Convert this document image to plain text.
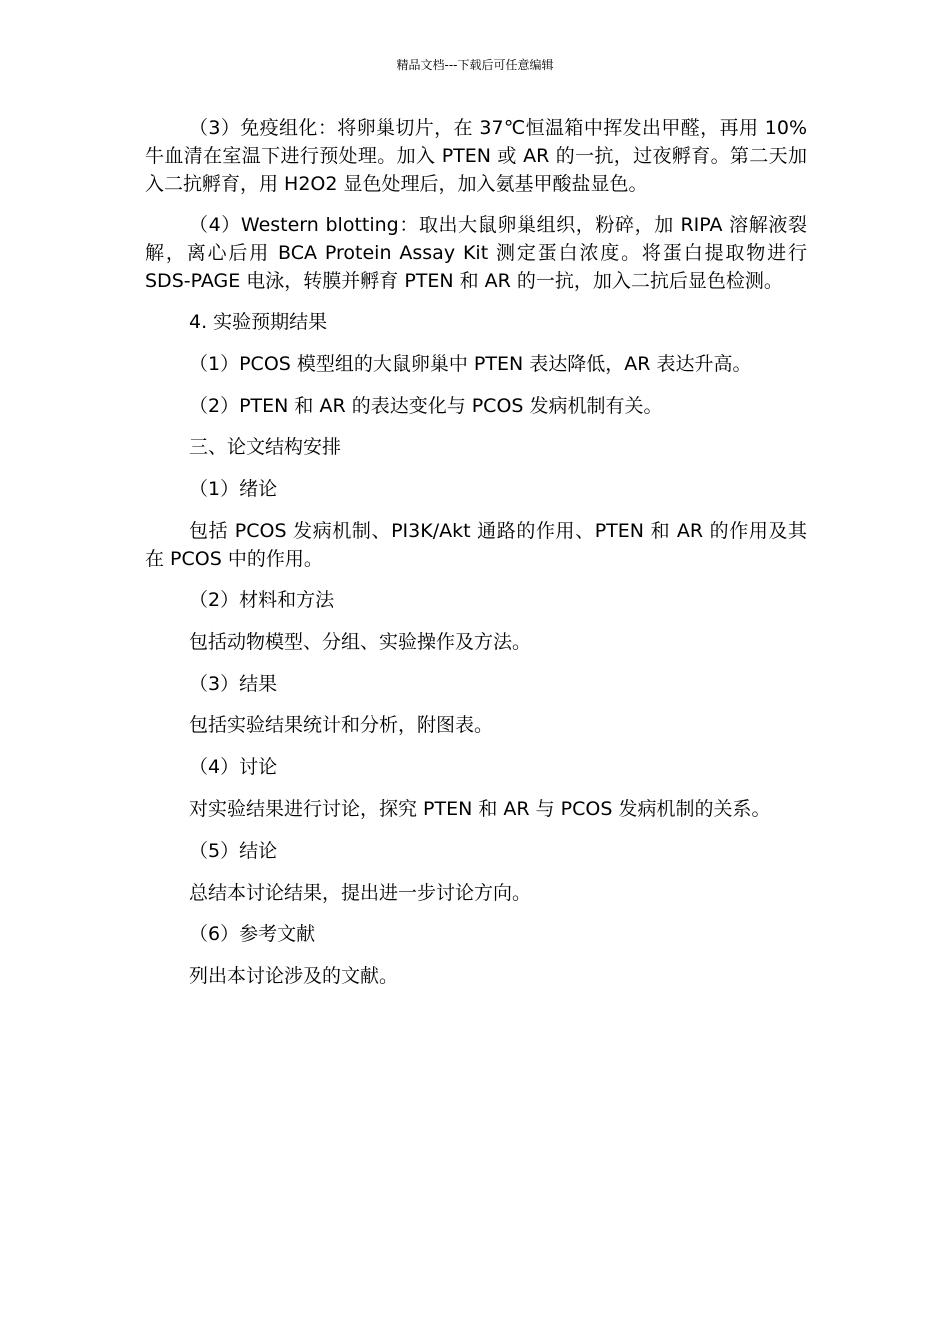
精品文档---下载后可任意编辑

（3）免疫组化：将卵巢切片，在 37℃恒温箱中挥发出甲醛，再用 10%牛血清在室温下进行预处理。加入 PTEN 或 AR 的一抗，过夜孵育。第二天加入二抗孵育，用 H2O2 显色处理后，加入氨基甲酸盐显色。

（4）Western blotting：取出大鼠卵巢组织，粉碎，加 RIPA 溶解液裂解，离心后用 BCA Protein Assay Kit 测定蛋白浓度。将蛋白提取物进行 SDS-PAGE 电泳，转膜并孵育 PTEN 和 AR 的一抗，加入二抗后显色检测。

4. 实验预期结果
（1）PCOS 模型组的大鼠卵巢中 PTEN 表达降低，AR 表达升高。
（2）PTEN 和 AR 的表达变化与 PCOS 发病机制有关。
三、论文结构安排
（1）绪论

包括 PCOS 发病机制、PI3K/Akt 通路的作用、PTEN 和 AR 的作用及其在 PCOS 中的作用。

（2）材料和方法
包括动物模型、分组、实验操作及方法。
（3）结果
包括实验结果统计和分析，附图表。
（4）讨论
对实验结果进行讨论，探究 PTEN 和 AR 与 PCOS 发病机制的关系。
（5）结论
总结本讨论结果，提出进一步讨论方向。
（6）参考文献
列出本讨论涉及的文献。
